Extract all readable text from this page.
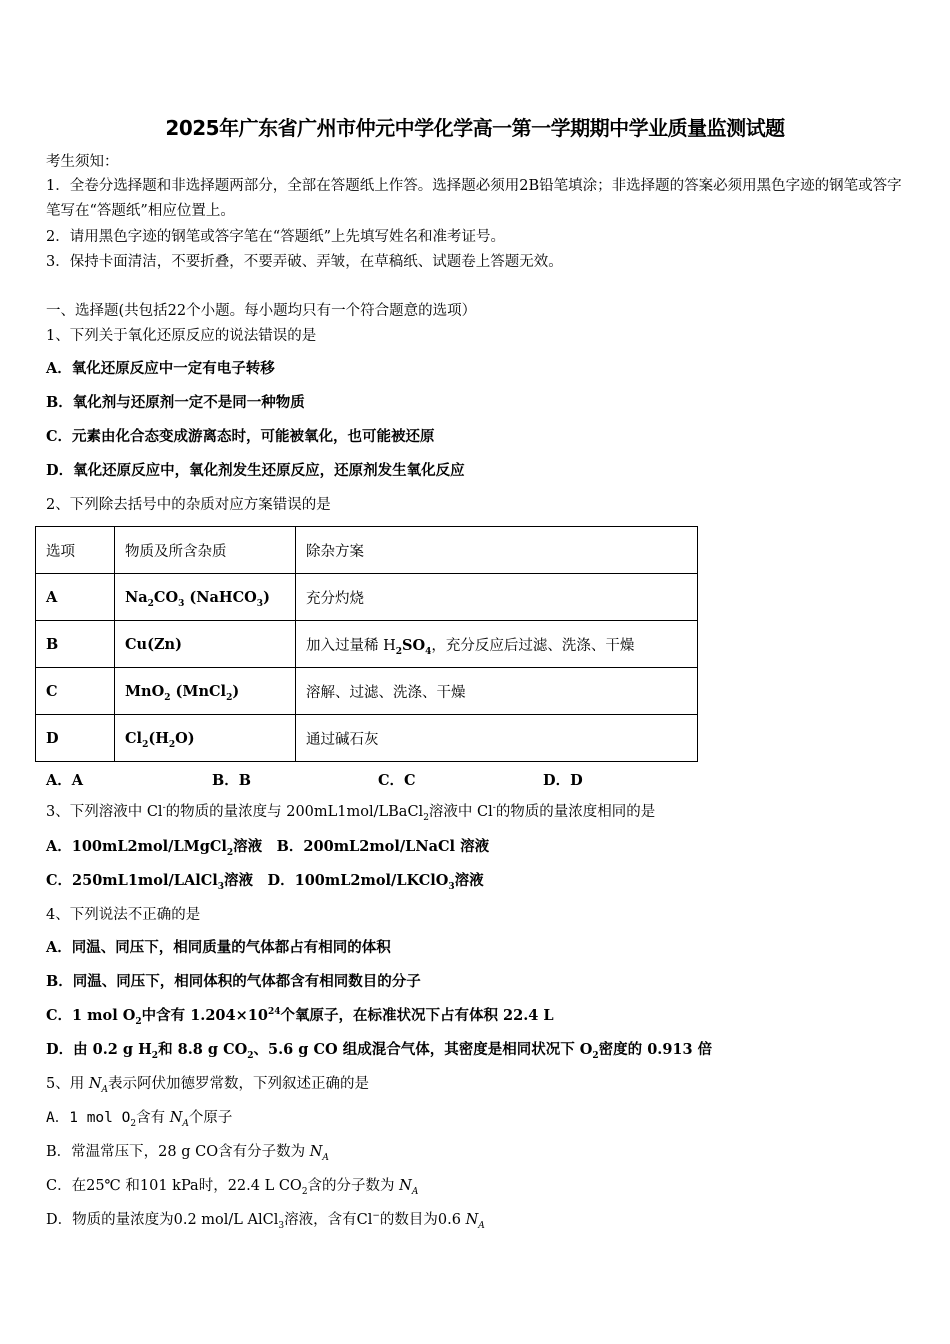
2025年广东省广州市仲元中学化学高一第一学期期中学业质量监测试题
考生须知：
1．全卷分选择题和非选择题两部分，全部在答题纸上作答。选择题必须用2B铅笔填涂；非选择题的答案必须用黑色字迹的钢笔或答字笔写在“答题纸”相应位置上。
2．请用黑色字迹的钢笔或答字笔在“答题纸”上先填写姓名和准考证号。
3．保持卡面清洁，不要折叠，不要弄破、弄皱，在草稿纸、试题卷上答题无效。
一、选择题(共包括22个小题。每小题均只有一个符合题意的选项）
1、下列关于氧化还原反应的说法错误的是
A．氧化还原反应中一定有电子转移
B．氧化剂与还原剂一定不是同一种物质
C．元素由化合态变成游离态时，可能被氧化，也可能被还原
D．氧化还原反应中，氧化剂发生还原反应，还原剂发生氧化反应
2、下列除去括号中的杂质对应方案错误的是
选项	物质及所含杂质	除杂方案
A	$Na_2CO_3$ (NaHCO$_3$)	充分灼烧
B	Cu(Zn)	加入过量稀 $H_2SO_4$，充分反应后过滤、洗涤、干燥
C	MnO$_2$ (MnCl$_2$)	溶解、过滤、洗涤、干燥
D	$Cl_2(H_2O)$	通过碱石灰
A．A	B．B	C．C	D．D
3、下列溶液中 Cl-的物质的量浓度与 200mL1mol/LBaCl$_2$溶液中 Cl-的物质的量浓度相同的是
A．100mL2mol/LMgCl$_2$溶液　B．200mL2mol/LNaCl 溶液
C．250mL1mol/LAlCl$_3$溶液　D．100mL2mol/LKClO$_3$溶液
4、下列说法不正确的是
A．同温、同压下，相同质量的气体都占有相同的体积
B．同温、同压下，相同体积的气体都含有相同数目的分子
C．1 mol $O_2$中含有 $1.204\times 10^{24}$个氧原子，在标准状况下占有体积 22.4 L
D．由 0.2 g $H_2$和 8.8 g $CO_2$、5.6 g CO 组成混合气体，其密度是相同状况下 $O_2$密度的 0.913 倍
5、用 $N_A$表示阿伏加德罗常数，下列叙述正确的是
A．1 mol $O_2$含有 $N_A$个原子
B．常温常压下，28 g CO含有分子数为 $N_A$
C．在25℃ 和101 kPa时，22.4 L $CO_2$含的分子数为 $N_A$
D．物质的量浓度为0.2 mol/L AlCl$_3$溶液，含有Cl−的数目为0.6 $N_A$
